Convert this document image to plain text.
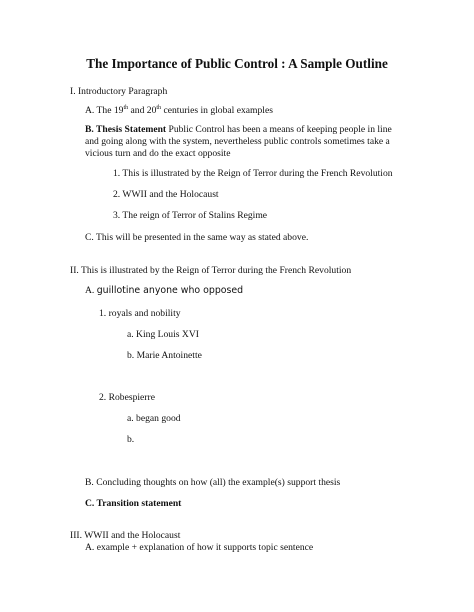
The Importance of Public Control : A Sample Outline
I. Introductory Paragraph
A. The 19th and 20th centuries in global examples
B. Thesis Statement Public Control has been a means of keeping people in line and going along with the system, nevertheless public controls sometimes take a vicious turn and do the exact opposite
1. This is illustrated by the Reign of Terror during the French Revolution
2. WWII and the Holocaust
3. The reign of Terror of Stalins Regime
C. This will be presented in the same way as stated above.
II. This is illustrated by the Reign of Terror during the French Revolution
A. guillotine anyone who opposed
1. royals and nobility
a. King Louis XVI
b. Marie Antoinette
2. Robespierre
a. began good
b.
B. Concluding thoughts on how (all) the example(s) support thesis
C. Transition statement
III. WWII and the Holocaust
A. example + explanation of how it supports topic sentence
